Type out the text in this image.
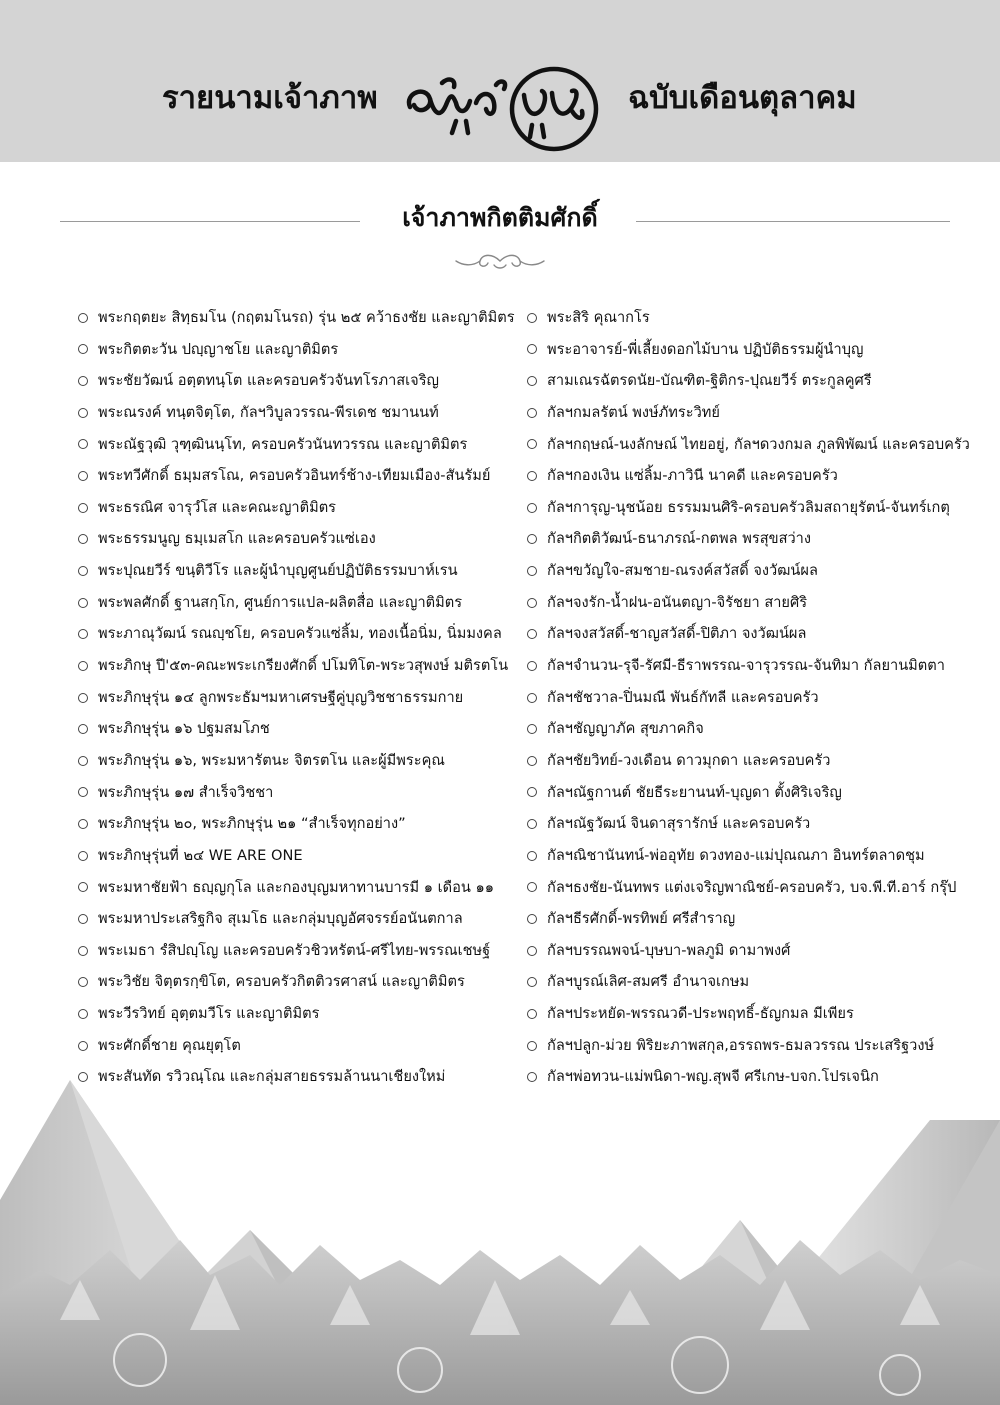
รายนามเจ้าภาพ	ฉบับเดือนตุลาคม
เจ้าภาพกิตติมศักดิ์
พระกฤตยะ สิทฺธมโน (กฤตมโนรถ) รุ่น ๒๕ คว้าธงชัย และญาติมิตร
พระกิตตะวัน ปญฺญาชโย และญาติมิตร
พระชัยวัฒน์ อตฺตทนฺโต และครอบครัวจันทโรภาสเจริญ
พระณรงค์ ทนฺตจิตฺโต, กัลฯวิบูลวรรณ-พีรเดช ชมานนท์
พระณัฐวุฒิ วุฑฺฒินนฺโท, ครอบครัวนันทวรรณ และญาติมิตร
พระทวีศักดิ์ ธมฺมสรโณ, ครอบครัวอินทร์ช้าง-เทียมเมือง-สันรัมย์
พระธรณิศ จารุวํโส และคณะญาติมิตร
พระธรรมนูญ ธมฺเมสโก และครอบครัวแซ่เอง
พระปุณยวีร์ ขนฺติวีโร และผู้นำบุญศูนย์ปฏิบัติธรรมบาห์เรน
พระพลศักดิ์ ฐานสกฺโก, ศูนย์การแปล-ผลิตสื่อ และญาติมิตร
พระภาณุวัฒน์ รณญฺชโย, ครอบครัวแซ่ลิ้ม, ทองเนื้อนิ่ม, นิ่มมงคล
พระภิกษุ ปี'๕๓-คณะพระเกรียงศักดิ์ ปโมทิโต-พระวสุพงษ์ มติรตโน
พระภิกษุรุ่น ๑๔ ลูกพระธัมฯมหาเศรษฐีคู่บุญวิชชาธรรมกาย
พระภิกษุรุ่น ๑๖ ปฐมสมโภช
พระภิกษุรุ่น ๑๖, พระมหารัตนะ จิตรตโน และผู้มีพระคุณ
พระภิกษุรุ่น ๑๗ สำเร็จวิชชา
พระภิกษุรุ่น ๒๐, พระภิกษุรุ่น ๒๑ “สำเร็จทุกอย่าง”
พระภิกษุรุ่นที่ ๒๔ WE ARE ONE
พระมหาชัยฟ้า ธญฺญกุโล และกองบุญมหาทานบารมี ๑ เดือน ๑๑
พระมหาประเสริฐกิจ สุเมโธ และกลุ่มบุญอัศจรรย์อนันตกาล
พระเมธา รํสิปญฺโญ และครอบครัวชิวหรัตน์-ศรีไทย-พรรณเชษฐ์
พระวิชัย จิตฺตรกฺขิโต, ครอบครัวกิตติวรศาสน์ และญาติมิตร
พระวีรวิทย์ อุตฺตมวีโร และญาติมิตร
พระศักดิ์ชาย คุณยุตฺโต
พระสันทัด รวิวณฺโณ และกลุ่มสายธรรมล้านนาเชียงใหม่
พระสิริ คุณากโร
พระอาจารย์-พี่เลี้ยงดอกไม้บาน ปฏิบัติธรรมผู้นำบุญ
สามเณรฉัตรดนัย-บัณฑิต-ฐิติกร-ปุณยวีร์ ตระกูลคูศรี
กัลฯกมลรัตน์ พงษ์ภัทระวิทย์
กัลฯกฤษณ์-นงลักษณ์ ไทยอยู่, กัลฯดวงกมล ภูลพิพัฒน์ และครอบครัว
กัลฯกองเงิน แซ่ลิ้ม-ภาวินี นาคดี และครอบครัว
กัลฯการุญ-นุชน้อย ธรรมมนศิริ-ครอบครัวลิมสถายุรัตน์-จันทร์เกตุ
กัลฯกิตติวัฒน์-ธนาภรณ์-กตพล พรสุขสว่าง
กัลฯขวัญใจ-สมชาย-ณรงค์สวัสดิ์ จงวัฒน์ผล
กัลฯจงรัก-น้ำฝน-อนันตญา-จิรัชยา สายศิริ
กัลฯจงสวัสดิ์-ชาญสวัสดิ์-ปิติภา จงวัฒน์ผล
กัลฯจำนวน-รุจี-รัศมี-ธีราพรรณ-จารุวรรณ-จันทิมา กัลยานมิตตา
กัลฯชัชวาล-ปิ่นมณี พันธ์กัทลี และครอบครัว
กัลฯชัญญาภัค สุขภาคกิจ
กัลฯชัยวิทย์-วงเดือน ดาวมุกดา และครอบครัว
กัลฯณัฐกานต์ ชัยธีระยานนท์-บุญดา ตั้งศิริเจริญ
กัลฯณัฐวัฒน์ จินดาสุรารักษ์ และครอบครัว
กัลฯณิชานันทน์-พ่ออุทัย ดวงทอง-แม่ปุณณภา อินทร์ตลาดชุม
กัลฯธงชัย-นันทพร แต่งเจริญพาณิชย์-ครอบครัว, บจ.พี.ที.อาร์ กรุ๊ป
กัลฯธีรศักดิ์-พรทิพย์ ศรีสำราญ
กัลฯบรรณพจน์-บุษบา-พลภูมิ ดามาพงศ์
กัลฯบูรณ์เลิศ-สมศรี อำนาจเกษม
กัลฯประหยัด-พรรณวดี-ประพฤทธิ์-ธัญกมล มีเพียร
กัลฯปลูก-ม่วย พิริยะภาพสกุล,อรรถพร-ธมลวรรณ ประเสริฐวงษ์
กัลฯพ่อทวน-แม่พนิดา-พญ.สุพจี ศรีเกษ-บจก.โปรเจนิก
